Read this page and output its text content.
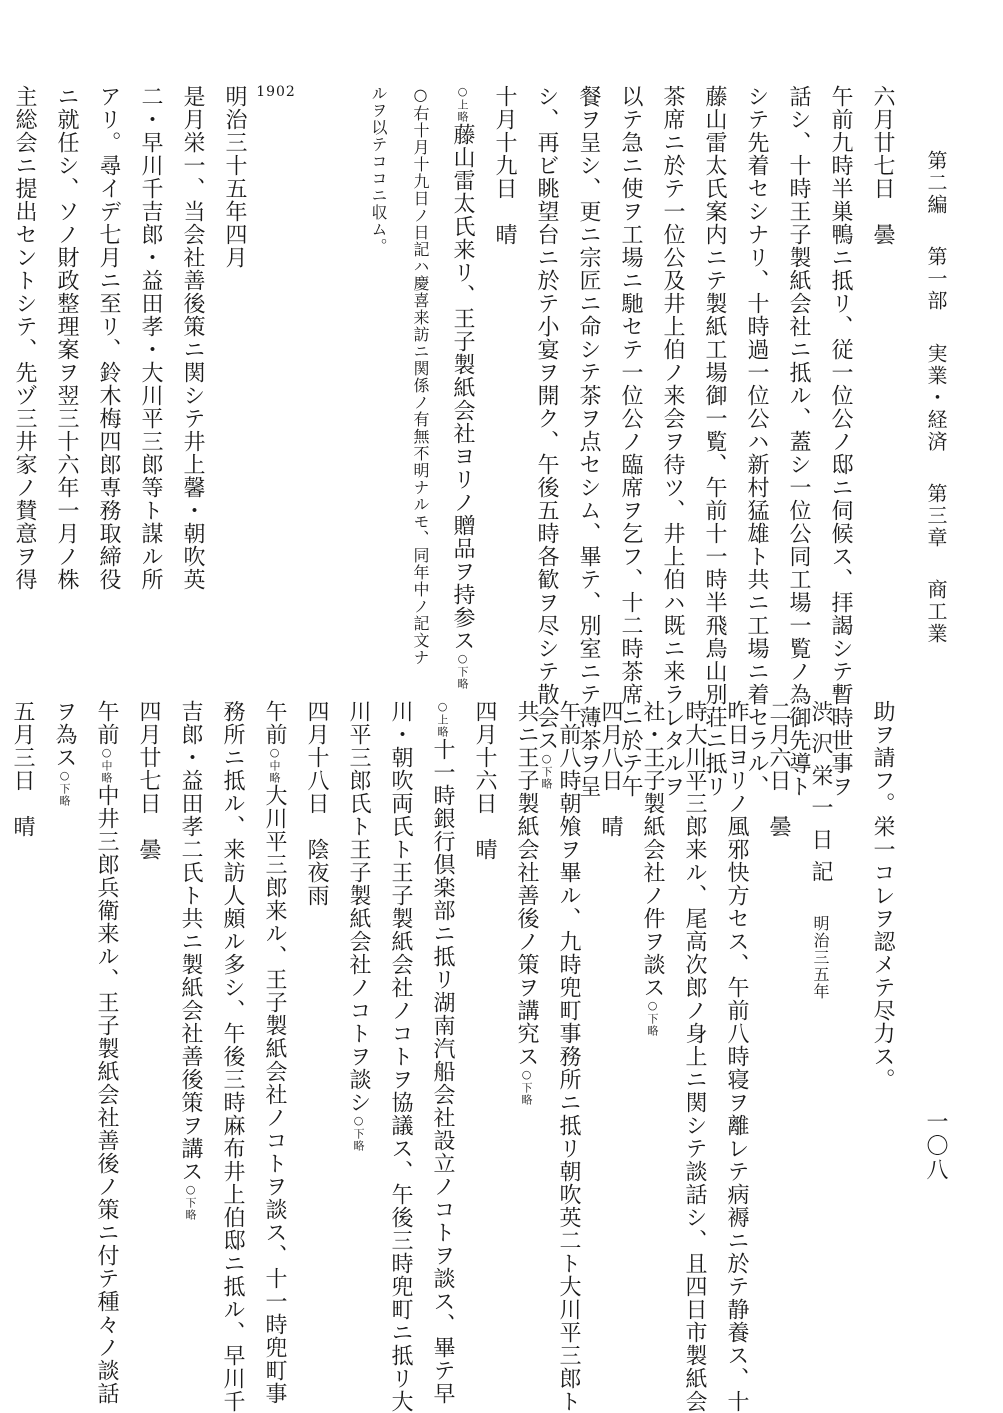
第二編 第一部 実業・経済 第三章 商工業
一〇八
六月廿七日　曇
午前九時半巣鴨ニ抵リ、従一位公ノ邸ニ伺候ス、拝謁シテ暫時世事ヲ
話シ、十時王子製紙会社ニ抵ル、蓋シ一位公同工場一覧ノ為御先導ト
シテ先着セシナリ、十時過一位公ハ新村猛雄ト共ニ工場ニ着セラル、
藤山雷太氏案内ニテ製紙工場御一覧、午前十一時半飛鳥山別荘ニ抵リ
茶席ニ於テ一位公及井上伯ノ来会ヲ待ツ、井上伯ハ既ニ来ラレタルヲ
以テ急ニ使ヲ工場ニ馳セテ一位公ノ臨席ヲ乞フ、十二時茶席ニ於テ午
餐ヲ呈シ、更ニ宗匠ニ命シテ茶ヲ点セシム、畢テ、別室ニテ薄茶ヲ呈
シ、再ビ眺望台ニ於テ小宴ヲ開ク、午後五時各歓ヲ尽シテ散会ス○下略
十月十九日　晴
○上略藤山雷太氏来リ、王子製紙会社ヨリノ贈品ヲ持参ス○下略
○右十月十九日ノ日記ハ慶喜来訪ニ関係ノ有無不明ナルモ、同年中ノ記文ナ
ルヲ以テココニ収ム。
1902
明治三十五年四月
是月栄一、当会社善後策ニ関シテ井上馨・朝吹英
二・早川千吉郎・益田孝・大川平三郎等ト謀ル所
アリ。尋イデ七月ニ至リ、鈴木梅四郎専務取締役
ニ就任シ、ソノ財政整理案ヲ翌三十六年一月ノ株
主総会ニ提出セントシテ、先ヅ三井家ノ賛意ヲ得
助ヲ請フ。栄一コレヲ認メテ尽力ス。
渋沢栄一日記　明治三五年
二月六日　曇
昨日ヨリノ風邪快方セス、午前八時寝ヲ離レテ病褥ニ於テ静養ス、十
時大川平三郎来ル、尾高次郎ノ身上ニ関シテ談話シ、且四日市製紙会
社・王子製紙会社ノ件ヲ談ス○下略
四月八日　晴
午前八時朝飧ヲ畢ル、九時兜町事務所ニ抵リ朝吹英二ト大川平三郎ト
共ニ王子製紙会社善後ノ策ヲ講究ス○下略
四月十六日　晴
○上略十一時銀行倶楽部ニ抵リ湖南汽船会社設立ノコトヲ談ス、畢テ早
川・朝吹両氏ト王子製紙会社ノコトヲ協議ス、午後三時兜町ニ抵リ大
川平三郎氏ト王子製紙会社ノコトヲ談シ○下略
四月十八日　陰夜雨
午前○中略大川平三郎来ル、王子製紙会社ノコトヲ談ス、十一時兜町事
務所ニ抵ル、来訪人頗ル多シ、午後三時麻布井上伯邸ニ抵ル、早川千
吉郎・益田孝二氏ト共ニ製紙会社善後策ヲ講ス○下略
四月廿七日　曇
午前○中略中井三郎兵衛来ル、王子製紙会社善後ノ策ニ付テ種々ノ談話
ヲ為ス○下略
五月三日　晴
